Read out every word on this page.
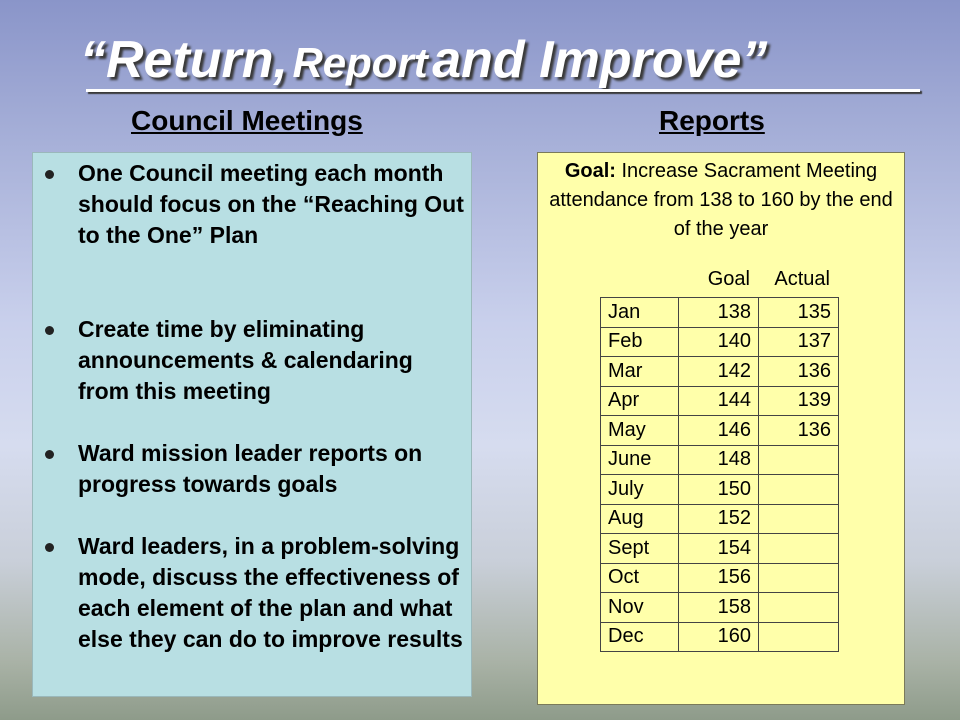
“Return, Report and Improve”
Council Meetings	Reports
One Council meeting each month should focus on the “Reaching Out to the One” Plan
Create time by eliminating announcements & calendaring from this meeting
Ward mission leader reports on progress towards goals
Ward leaders, in a problem-solving mode, discuss the effectiveness of each element of the plan and what else they can do to improve results
Goal: Increase Sacrament Meeting attendance from 138 to 160 by the end of the year
Goal	Actual
Jan	138	135
Feb	140	137
Mar	142	136
Apr	144	139
May	146	136
June	148	
July	150	
Aug	152	
Sept	154	
Oct	156	
Nov	158	
Dec	160	
